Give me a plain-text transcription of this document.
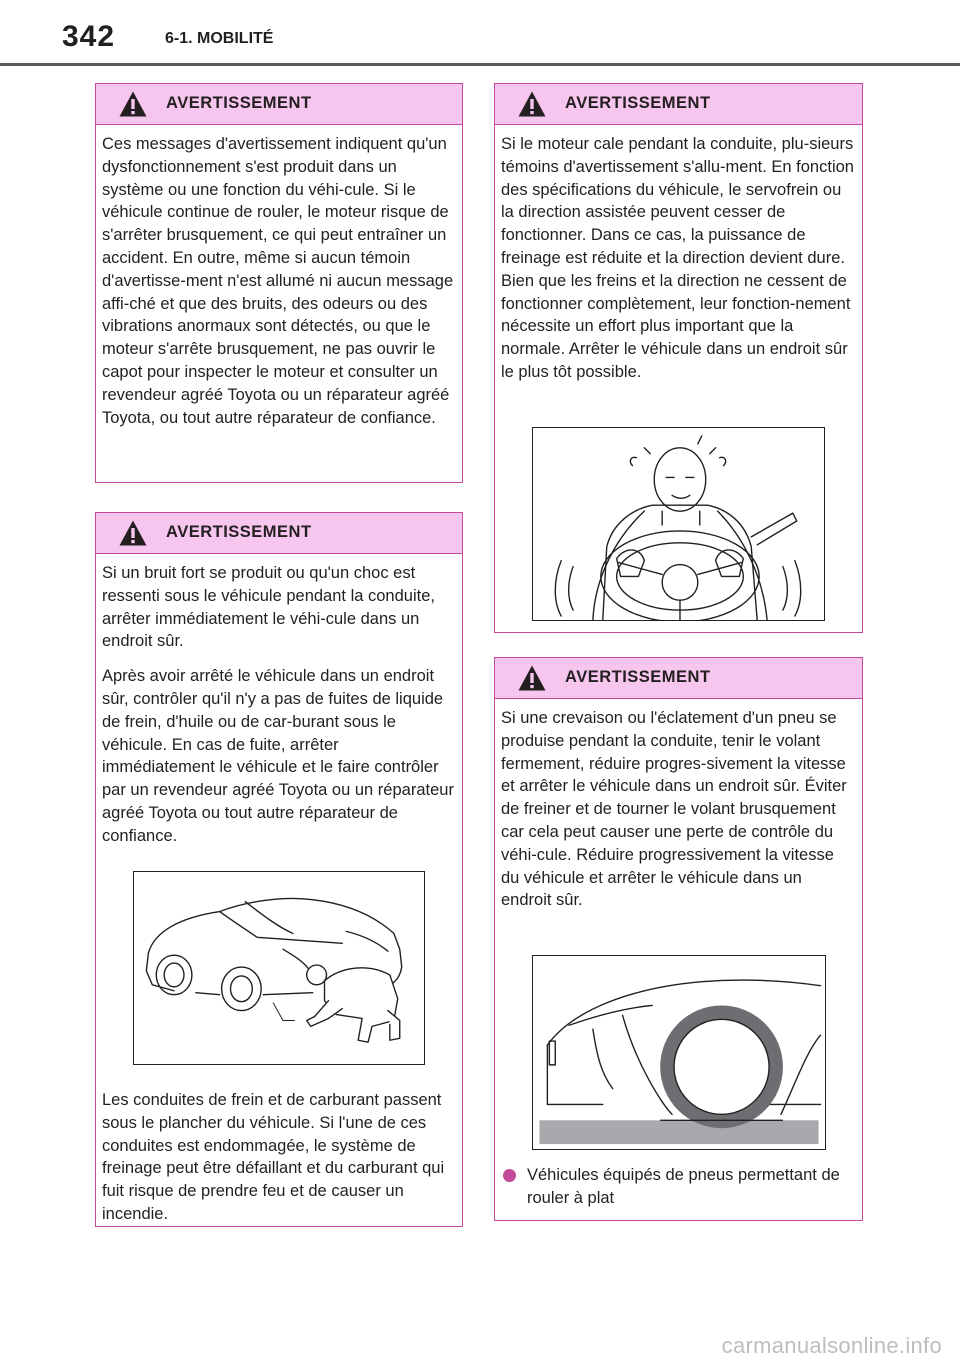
342	6-1. MOBILITÉ
AVERTISSEMENT

Ces messages d'avertissement indiquent qu'un dysfonctionnement s'est produit dans un système ou une fonction du véhi-cule. Si le véhicule continue de rouler, le moteur risque de s'arrêter brusquement, ce qui peut entraîner un accident. En outre, même si aucun témoin d'avertisse-ment n'est allumé ni aucun message affi-ché et que des bruits, des odeurs ou des vibrations anormaux sont détectés, ou que le moteur s'arrête brusquement, ne pas ouvrir le capot pour inspecter le moteur et consulter un revendeur agréé Toyota ou un réparateur agréé Toyota, ou tout autre réparateur de confiance.

AVERTISSEMENT

Si un bruit fort se produit ou qu'un choc est ressenti sous le véhicule pendant la conduite, arrêter immédiatement le véhi-cule dans un endroit sûr.

Après avoir arrêté le véhicule dans un endroit sûr, contrôler qu'il n'y a pas de fuites de liquide de frein, d'huile ou de car-burant sous le véhicule. En cas de fuite, arrêter immédiatement le véhicule et le faire contrôler par un revendeur agréé Toyota ou un réparateur agréé Toyota ou tout autre réparateur de confiance.

Les conduites de frein et de carburant passent sous le plancher du véhicule. Si l'une de ces conduites est endommagée, le système de freinage peut être défaillant et du carburant qui fuit risque de prendre feu et de causer un incendie.

AVERTISSEMENT

Si le moteur cale pendant la conduite, plu-sieurs témoins d'avertissement s'allu-ment. En fonction des spécifications du véhicule, le servofrein ou la direction assistée peuvent cesser de fonctionner. Dans ce cas, la puissance de freinage est réduite et la direction devient dure. Bien que les freins et la direction ne cessent de fonctionner complètement, leur fonction-nement nécessite un effort plus important que la normale. Arrêter le véhicule dans un endroit sûr le plus tôt possible.

AVERTISSEMENT

Si une crevaison ou l'éclatement d'un pneu se produise pendant la conduite, tenir le volant fermement, réduire progres-sivement la vitesse et arrêter le véhicule dans un endroit sûr. Éviter de freiner et de tourner le volant brusquement car cela peut causer une perte de contrôle du véhi-cule. Réduire progressivement la vitesse du véhicule et arrêter le véhicule dans un endroit sûr.

Véhicules équipés de pneus permettant de rouler à plat
carmanualsonline.info
